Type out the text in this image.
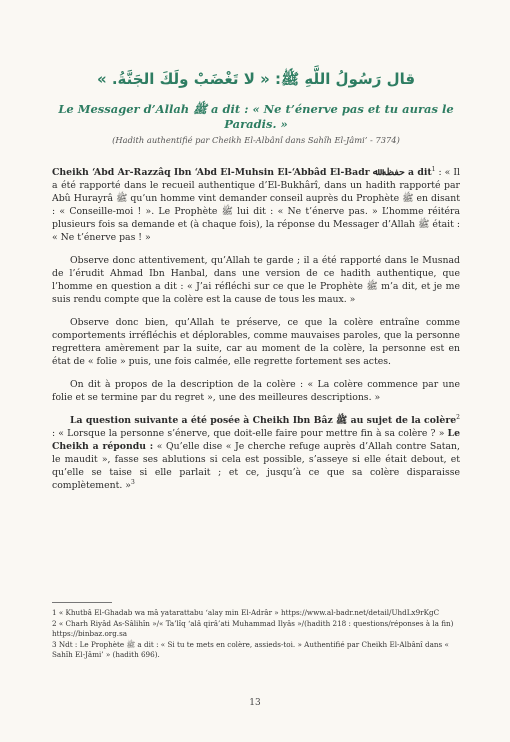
قال رَسُولُ اللَّهِ ﷺ: « لا تَغْضَبْ ولَكَ الجَنَّةُ. »
Le Messager d’Allah ﷺ a dit : « Ne t’énerve pas et tu auras le Paradis. »
(Hadith authentifié par Cheikh El-Albânî dans Sahîh El-Jâmi’ - 7374)

Cheikh ‘Abd Ar-Razzâq Ibn ‘Abd El-Muhsin El-‘Abbâd El-Badr ﺣﻔﻈﻪ ﷲ a dit$^1$ : « Il a été rapporté dans le recueil authentique d’El-Bukhârî, dans un hadith rapporté par Abû Hurayrâ ﷺ qu’un homme vint demander conseil auprès du Prophète ﷺ en disant : « Conseille-moi ! ». Le Prophète ﷺ lui dit : « Ne t’énerve pas. » L’homme réitéra plusieurs fois sa demande et (à chaque fois), la réponse du Messager d’Allah ﷺ était : « Ne t’énerve pas ! »

Observe donc attentivement, qu’Allah te garde ; il a été rapporté dans le Musnad de l’érudit Ahmad Ibn Hanbal, dans une version de ce hadith authentique, que l’homme en question a dit : « J’ai réfléchi sur ce que le Prophète ﷺ m’a dit, et je me suis rendu compte que la colère est la cause de tous les maux. »

Observe donc bien, qu’Allah te préserve, ce que la colère entraîne comme comportements irréfléchis et déplorables, comme mauvaises paroles, que la personne regrettera amèrement par la suite, car au moment de la colère, la personne est en état de « folie » puis, une fois calmée, elle regrette fortement ses actes.

On dit à propos de la description de la colère : « La colère commence par une folie et se termine par du regret », une des meilleures descriptions. »

La question suivante a été posée à Cheikh Ibn Bâz ﷺ au sujet de la colère$^2$ : « Lorsque la personne s’énerve, que doit-elle faire pour mettre fin à sa colère ? » Le Cheikh a répondu : « Qu’elle dise « Je cherche refuge auprès d’Allah contre Satan, le maudit », fasse ses ablutions si cela est possible, s’asseye si elle était debout, et qu’elle se taise si elle parlait ; et ce, jusqu’à ce que sa colère disparaisse complètement. »$^3$

1 « Khutbâ El-Ghadab wa mâ yatarattabu ‘alay min El-Adrâr » https://www.al-badr.net/detail/UhdLx9rKgC

2 « Charh Riyâd As-Sâlihîn »/« Ta’lîq ‘alâ qirâ’ati Muhammad Ilyâs »/(hadith 218 : questions/réponses à la fin) https://binbaz.org.sa

3 Ndt : Le Prophète ﷺ a dit : « Si tu te mets en colère, assieds-toi. » Authentifié par Cheikh El-Albânî dans « Sahîh El-Jâmi’ » (hadith 696).

13
